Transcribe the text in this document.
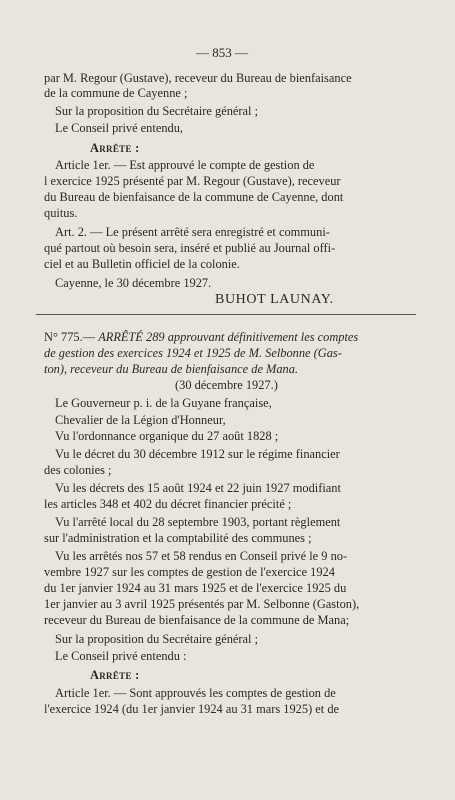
— 853 —
par M. Regour (Gustave), receveur du Bureau de bienfaisance
de la commune de Cayenne ;
Sur la proposition du Secrétaire général ;
Le Conseil privé entendu,
Arrête :
Article 1er. — Est approuvé le compte de gestion de
l exercice 1925 présenté par M. Regour (Gustave), receveur
du Bureau de bienfaisance de la commune de Cayenne, dont
quitus.
Art. 2. — Le présent arrêté sera enregistré et communi-
qué partout où besoin sera, inséré et publié au Journal offi-
ciel et au Bulletin officiel de la colonie.
Cayenne, le 30 décembre 1927.
BUHOT LAUNAY.
N° 775.— ARRÊTÉ 289 approuvant définitivement les comptes
de gestion des exercices 1924 et 1925 de M. Selbonne (Gas-
ton), receveur du Bureau de bienfaisance de Mana.
(30 décembre 1927.)
Le Gouverneur p. i. de la Guyane française,
Chevalier de la Légion d'Honneur,
Vu l'ordonnance organique du 27 août 1828 ;
Vu le décret du 30 décembre 1912 sur le régime financier
des colonies ;
Vu les décrets des 15 août 1924 et 22 juin 1927 modifiant
les articles 348 et 402 du décret financier précité ;
Vu l'arrêté local du 28 septembre 1903, portant règlement
sur l'administration et la comptabilité des communes ;
Vu les arrêtés nos 57 et 58 rendus en Conseil privé le 9 no-
vembre 1927 sur les comptes de gestion de l'exercice 1924
du 1er janvier 1924 au 31 mars 1925 et de l'exercice 1925 du
1er janvier au 3 avril 1925 présentés par M. Selbonne (Gaston),
receveur du Bureau de bienfaisance de la commune de Mana;
Sur la proposition du Secrétaire général ;
Le Conseil privé entendu :
Arrête :
Article 1er. — Sont approuvés les comptes de gestion de
l'exercice 1924 (du 1er janvier 1924 au 31 mars 1925) et de
